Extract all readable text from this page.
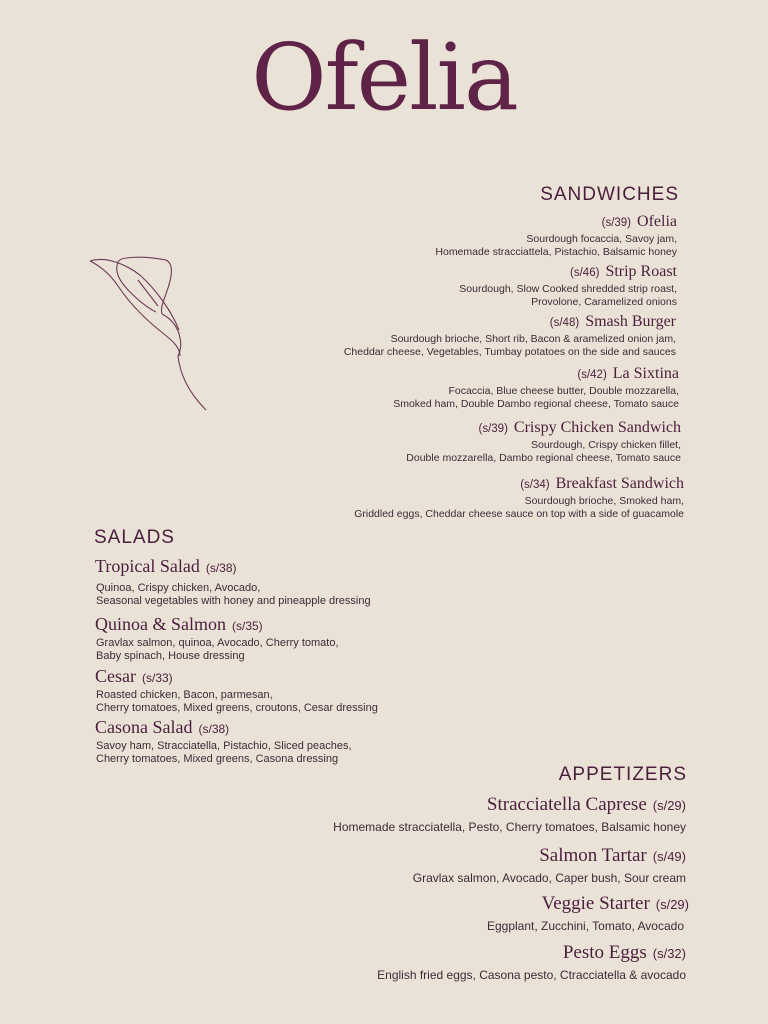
Ofelia
SANDWICHES
(s/39) Ofelia
Sourdough focaccia, Savoy jam,
Homemade stracciattela, Pistachio, Balsamic honey
(s/46) Strip Roast
Sourdough, Slow Cooked shredded strip roast,
Provolone, Caramelized onions
(s/48) Smash Burger
Sourdough brioche, Short rib, Bacon & aramelized onion jam,
Cheddar cheese, Vegetables, Tumbay potatoes on the side and sauces
(s/42) La Sixtina
Focaccia, Blue cheese butter, Double mozzarella,
Smoked ham, Double Dambo regional cheese, Tomato sauce
(s/39) Crispy Chicken Sandwich
Sourdough, Crispy chicken fillet,
Double mozzarella, Dambo regional cheese, Tomato sauce
(s/34) Breakfast Sandwich
Sourdough brioche, Smoked ham,
Griddled eggs, Cheddar cheese sauce on top with a side of guacamole
SALADS
Tropical Salad (s/38)
Quinoa, Crispy chicken, Avocado,
Seasonal vegetables with honey and pineapple dressing
Quinoa & Salmon (s/35)
Gravlax salmon, quinoa, Avocado, Cherry tomato,
Baby spinach, House dressing
Cesar (s/33)
Roasted chicken, Bacon, parmesan,
Cherry tomatoes, Mixed greens, croutons, Cesar dressing
Casona Salad (s/38)
Savoy ham, Stracciatella, Pistachio, Sliced peaches,
Cherry tomatoes, Mixed greens, Casona dressing
APPETIZERS
Stracciatella Caprese (s/29)
Homemade stracciatella, Pesto, Cherry tomatoes, Balsamic honey
Salmon Tartar (s/49)
Gravlax salmon, Avocado, Caper bush, Sour cream
Veggie Starter (s/29)
Eggplant, Zucchini, Tomato, Avocado
Pesto Eggs (s/32)
English fried eggs, Casona pesto, Ctracciatella & avocado
